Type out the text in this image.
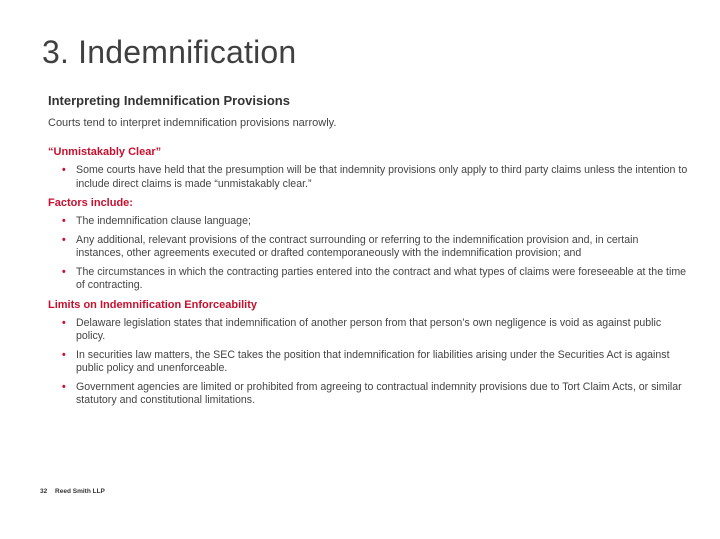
3. Indemnification
Interpreting Indemnification Provisions
Courts tend to interpret indemnification provisions narrowly.
“Unmistakably Clear”
• Some courts have held that the presumption will be that indemnity provisions only apply to third party claims unless the intention to include direct claims is made “unmistakably clear.”
Factors include:
• The indemnification clause language;
• Any additional, relevant provisions of the contract surrounding or referring to the indemnification provision and, in certain instances, other agreements executed or drafted contemporaneously with the indemnification provision; and
• The circumstances in which the contracting parties entered into the contract and what types of claims were foreseeable at the time of contracting.
Limits on Indemnification Enforceability
• Delaware legislation states that indemnification of another person from that person’s own negligence is void as against public policy.
• In securities law matters, the SEC takes the position that indemnification for liabilities arising under the Securities Act is against public policy and unenforceable.
• Government agencies are limited or prohibited from agreeing to contractual indemnity provisions due to Tort Claim Acts, or similar statutory and constitutional limitations.
32 Reed Smith LLP
